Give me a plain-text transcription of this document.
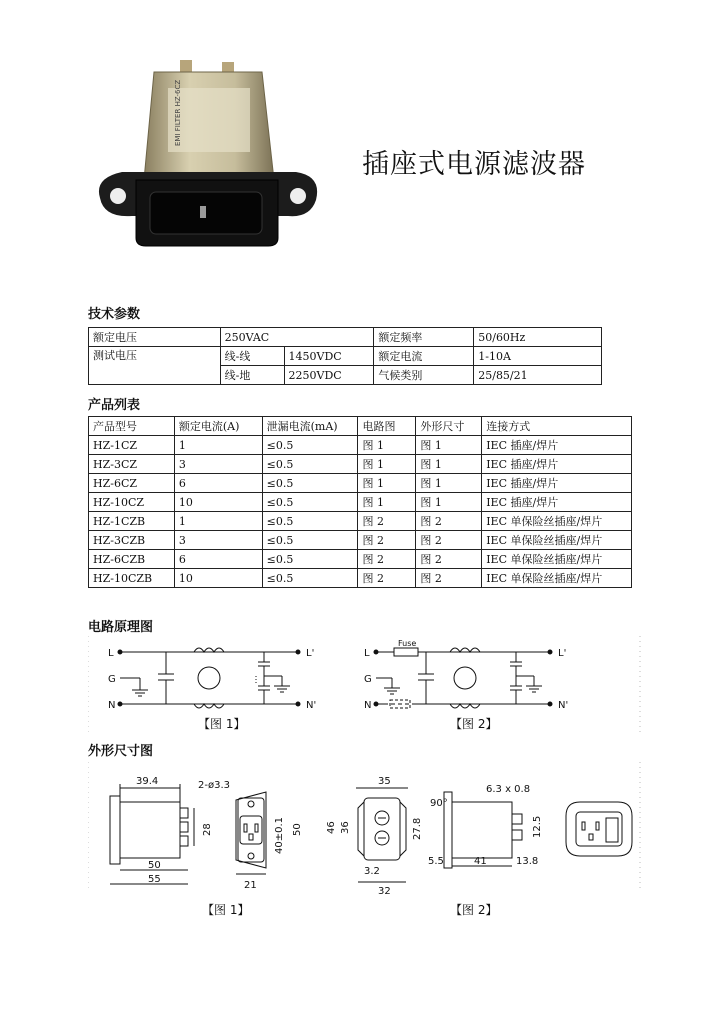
EMI FILTER HZ-6CZ
插座式电源滤波器
技术参数
额定电压	250VAC		额定频率	50/60Hz
测试电压	线-线	1450VDC	额定电流	1-10A
	线-地	2250VDC	气候类别	25/85/21
产品列表
产品型号	额定电流(A)	泄漏电流(mA)	电路图	外形尺寸	连接方式
HZ-1CZ	1	≤0.5	图 1	图 1	IEC 插座/焊片
HZ-3CZ	3	≤0.5	图 1	图 1	IEC 插座/焊片
HZ-6CZ	6	≤0.5	图 1	图 1	IEC 插座/焊片
HZ-10CZ	10	≤0.5	图 1	图 1	IEC 插座/焊片
HZ-1CZB	1	≤0.5	图 2	图 2	IEC 单保险丝插座/焊片
HZ-3CZB	3	≤0.5	图 2	图 2	IEC 单保险丝插座/焊片
HZ-6CZB	6	≤0.5	图 2	图 2	IEC 单保险丝插座/焊片
HZ-10CZB	10	≤0.5	图 2	图 2	IEC 单保险丝插座/焊片
电路原理图
L
G
N
L'
N'
【图 1】
L
G
N
Fuse
L'
N'
【图 2】
外形尺寸图
39.4
28
50
55
2-ø3.3
40±0.1 50
21
【图 1】
35
46 36	27.8
3.2
32
90°
6.3 x 0.8
12.5
5.5	41	13.8
【图 2】
